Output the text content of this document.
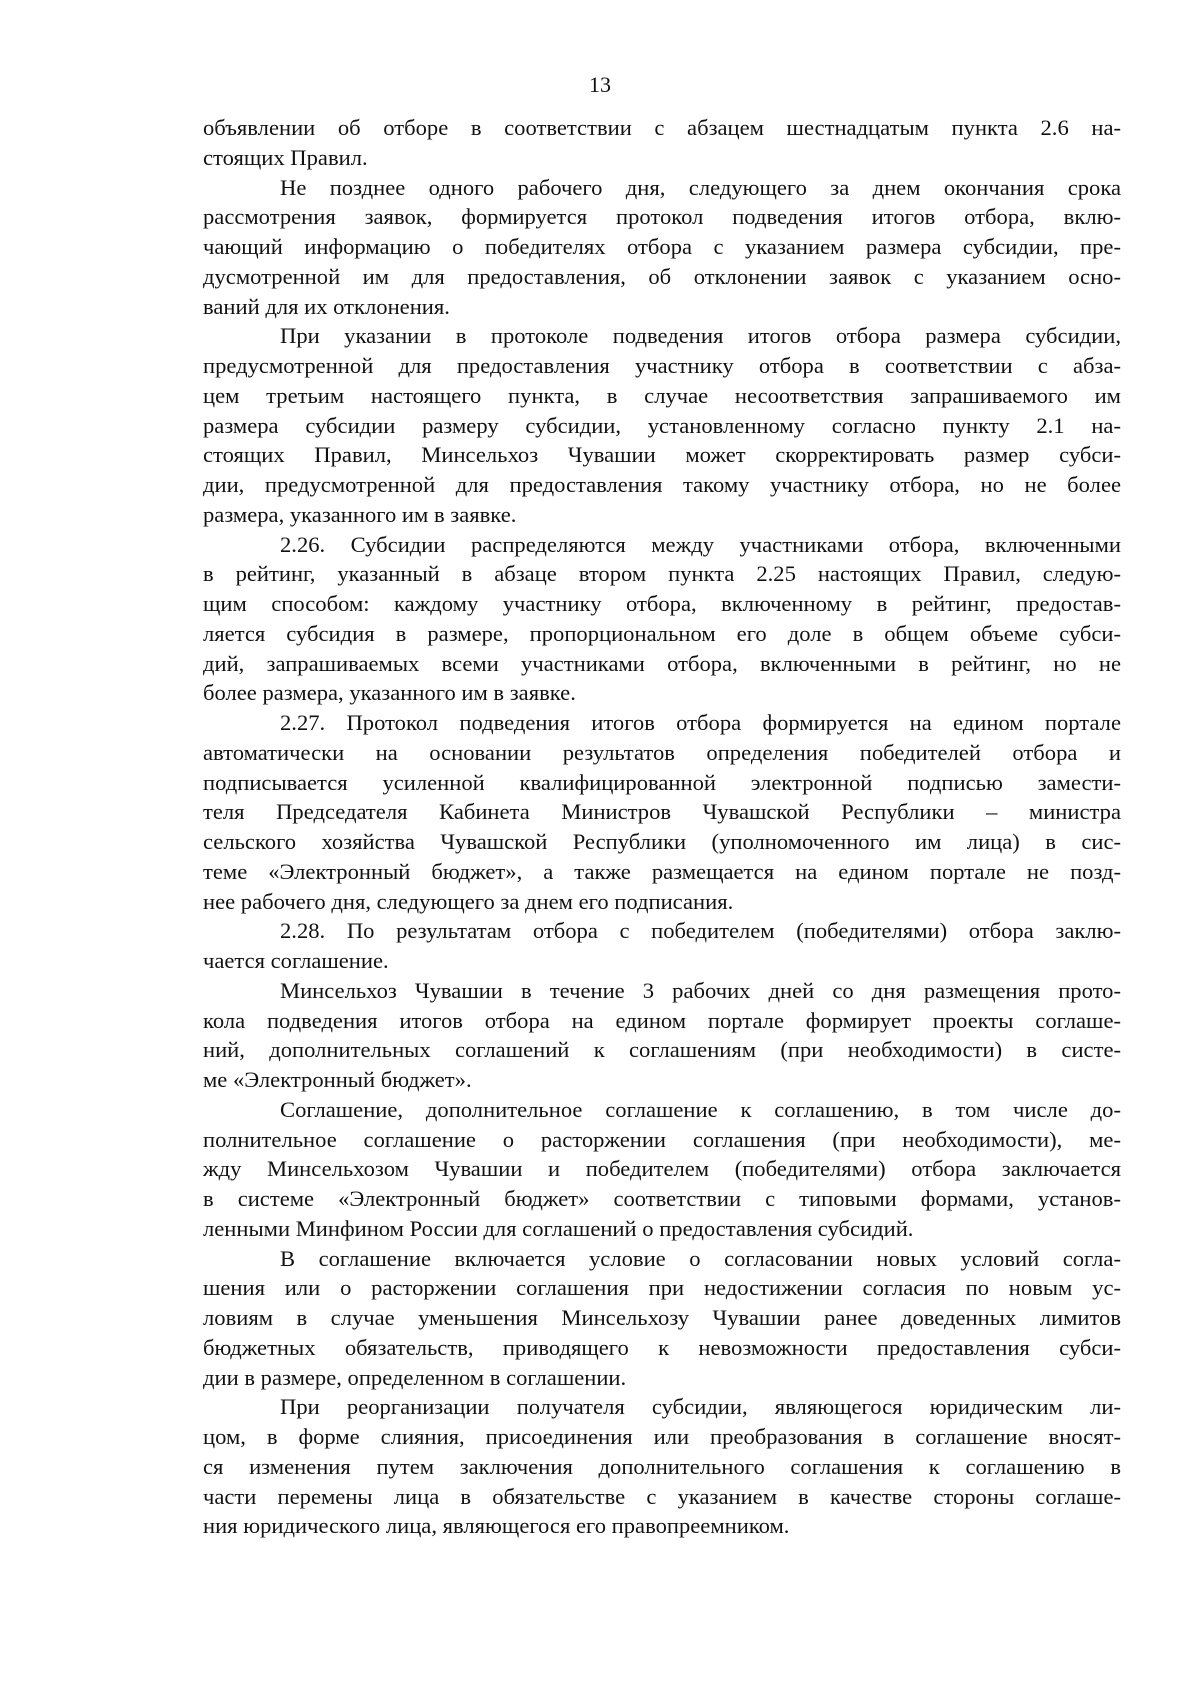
13
объявлении об отборе в соответствии с абзацем шестнадцатым пункта 2.6 на-
стоящих Правил.
Не позднее одного рабочего дня, следующего за днем окончания срока
рассмотрения заявок, формируется протокол подведения итогов отбора, вклю-
чающий информацию о победителях отбора с указанием размера субсидии, пре-
дусмотренной им для предоставления, об отклонении заявок с указанием осно-
ваний для их отклонения.
При указании в протоколе подведения итогов отбора размера субсидии,
предусмотренной для предоставления участнику отбора в соответствии с абза-
цем третьим настоящего пункта, в случае несоответствия запрашиваемого им
размера субсидии размеру субсидии, установленному согласно пункту 2.1 на-
стоящих Правил, Минсельхоз Чувашии может скорректировать размер субси-
дии, предусмотренной для предоставления такому участнику отбора, но не более
размера, указанного им в заявке.
2.26. Субсидии распределяются между участниками отбора, включенными
в рейтинг, указанный в абзаце втором пункта 2.25 настоящих Правил, следую-
щим способом: каждому участнику отбора, включенному в рейтинг, предостав-
ляется субсидия в размере, пропорциональном его доле в общем объеме субси-
дий, запрашиваемых всеми участниками отбора, включенными в рейтинг, но не
более размера, указанного им в заявке.
2.27. Протокол подведения итогов отбора формируется на едином портале
автоматически на основании результатов определения победителей отбора и
подписывается усиленной квалифицированной электронной подписью замести-
теля Председателя Кабинета Министров Чувашской Республики – министра
сельского хозяйства Чувашской Республики (уполномоченного им лица) в сис-
теме «Электронный бюджет», а также размещается на едином портале не позд-
нее рабочего дня, следующего за днем его подписания.
2.28. По результатам отбора с победителем (победителями) отбора заклю-
чается соглашение.
Минсельхоз Чувашии в течение 3 рабочих дней со дня размещения прото-
кола подведения итогов отбора на едином портале формирует проекты соглаше-
ний, дополнительных соглашений к соглашениям (при необходимости) в систе-
ме «Электронный бюджет».
Соглашение, дополнительное соглашение к соглашению, в том числе до-
полнительное соглашение о расторжении соглашения (при необходимости), ме-
жду Минсельхозом Чувашии и победителем (победителями) отбора заключается
в системе «Электронный бюджет» соответствии с типовыми формами, установ-
ленными Минфином России для соглашений о предоставления субсидий.
В соглашение включается условие о согласовании новых условий согла-
шения или о расторжении соглашения при недостижении согласия по новым ус-
ловиям в случае уменьшения Минсельхозу Чувашии ранее доведенных лимитов
бюджетных обязательств, приводящего к невозможности предоставления субси-
дии в размере, определенном в соглашении.
При реорганизации получателя субсидии, являющегося юридическим ли-
цом, в форме слияния, присоединения или преобразования в соглашение вносят-
ся изменения путем заключения дополнительного соглашения к соглашению в
части перемены лица в обязательстве с указанием в качестве стороны соглаше-
ния юридического лица, являющегося его правопреемником.
